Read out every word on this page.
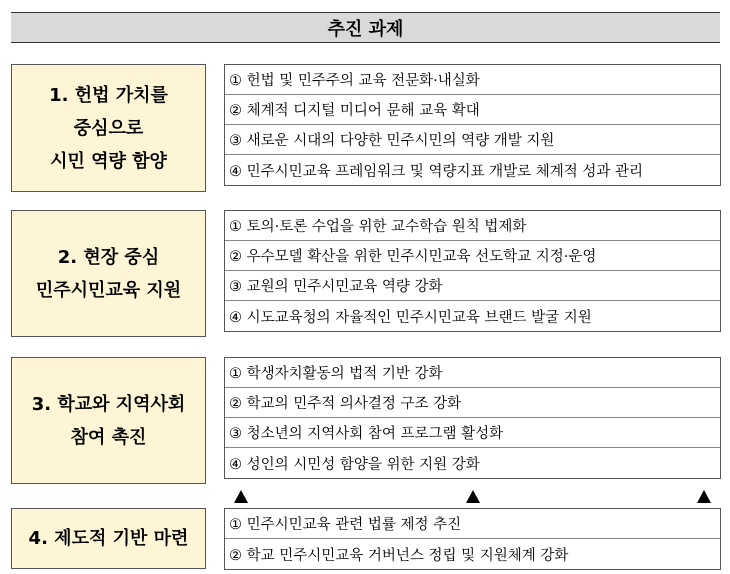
추진 과제
1. 헌법 가치를
중심으로
시민 역량 함양
① 헌법 및 민주주의 교육 전문화·내실화
② 체계적 디지털 미디어 문해 교육 확대
③ 새로운 시대의 다양한 민주시민의 역량 개발 지원
④ 민주시민교육 프레임워크 및 역량지표 개발로 체계적 성과 관리
2. 현장 중심
민주시민교육 지원
① 토의·토론 수업을 위한 교수학습 원칙 법제화
② 우수모델 확산을 위한 민주시민교육 선도학교 지정·운영
③ 교원의 민주시민교육 역량 강화
④ 시도교육청의 자율적인 민주시민교육 브랜드 발굴 지원
3. 학교와 지역사회
참여 촉진
① 학생자치활동의 법적 기반 강화
② 학교의 민주적 의사결정 구조 강화
③ 청소년의 지역사회 참여 프로그램 활성화
④ 성인의 시민성 함양을 위한 지원 강화
4. 제도적 기반 마련
① 민주시민교육 관련 법률 제정 추진
② 학교 민주시민교육 거버넌스 정립 및 지원체계 강화
